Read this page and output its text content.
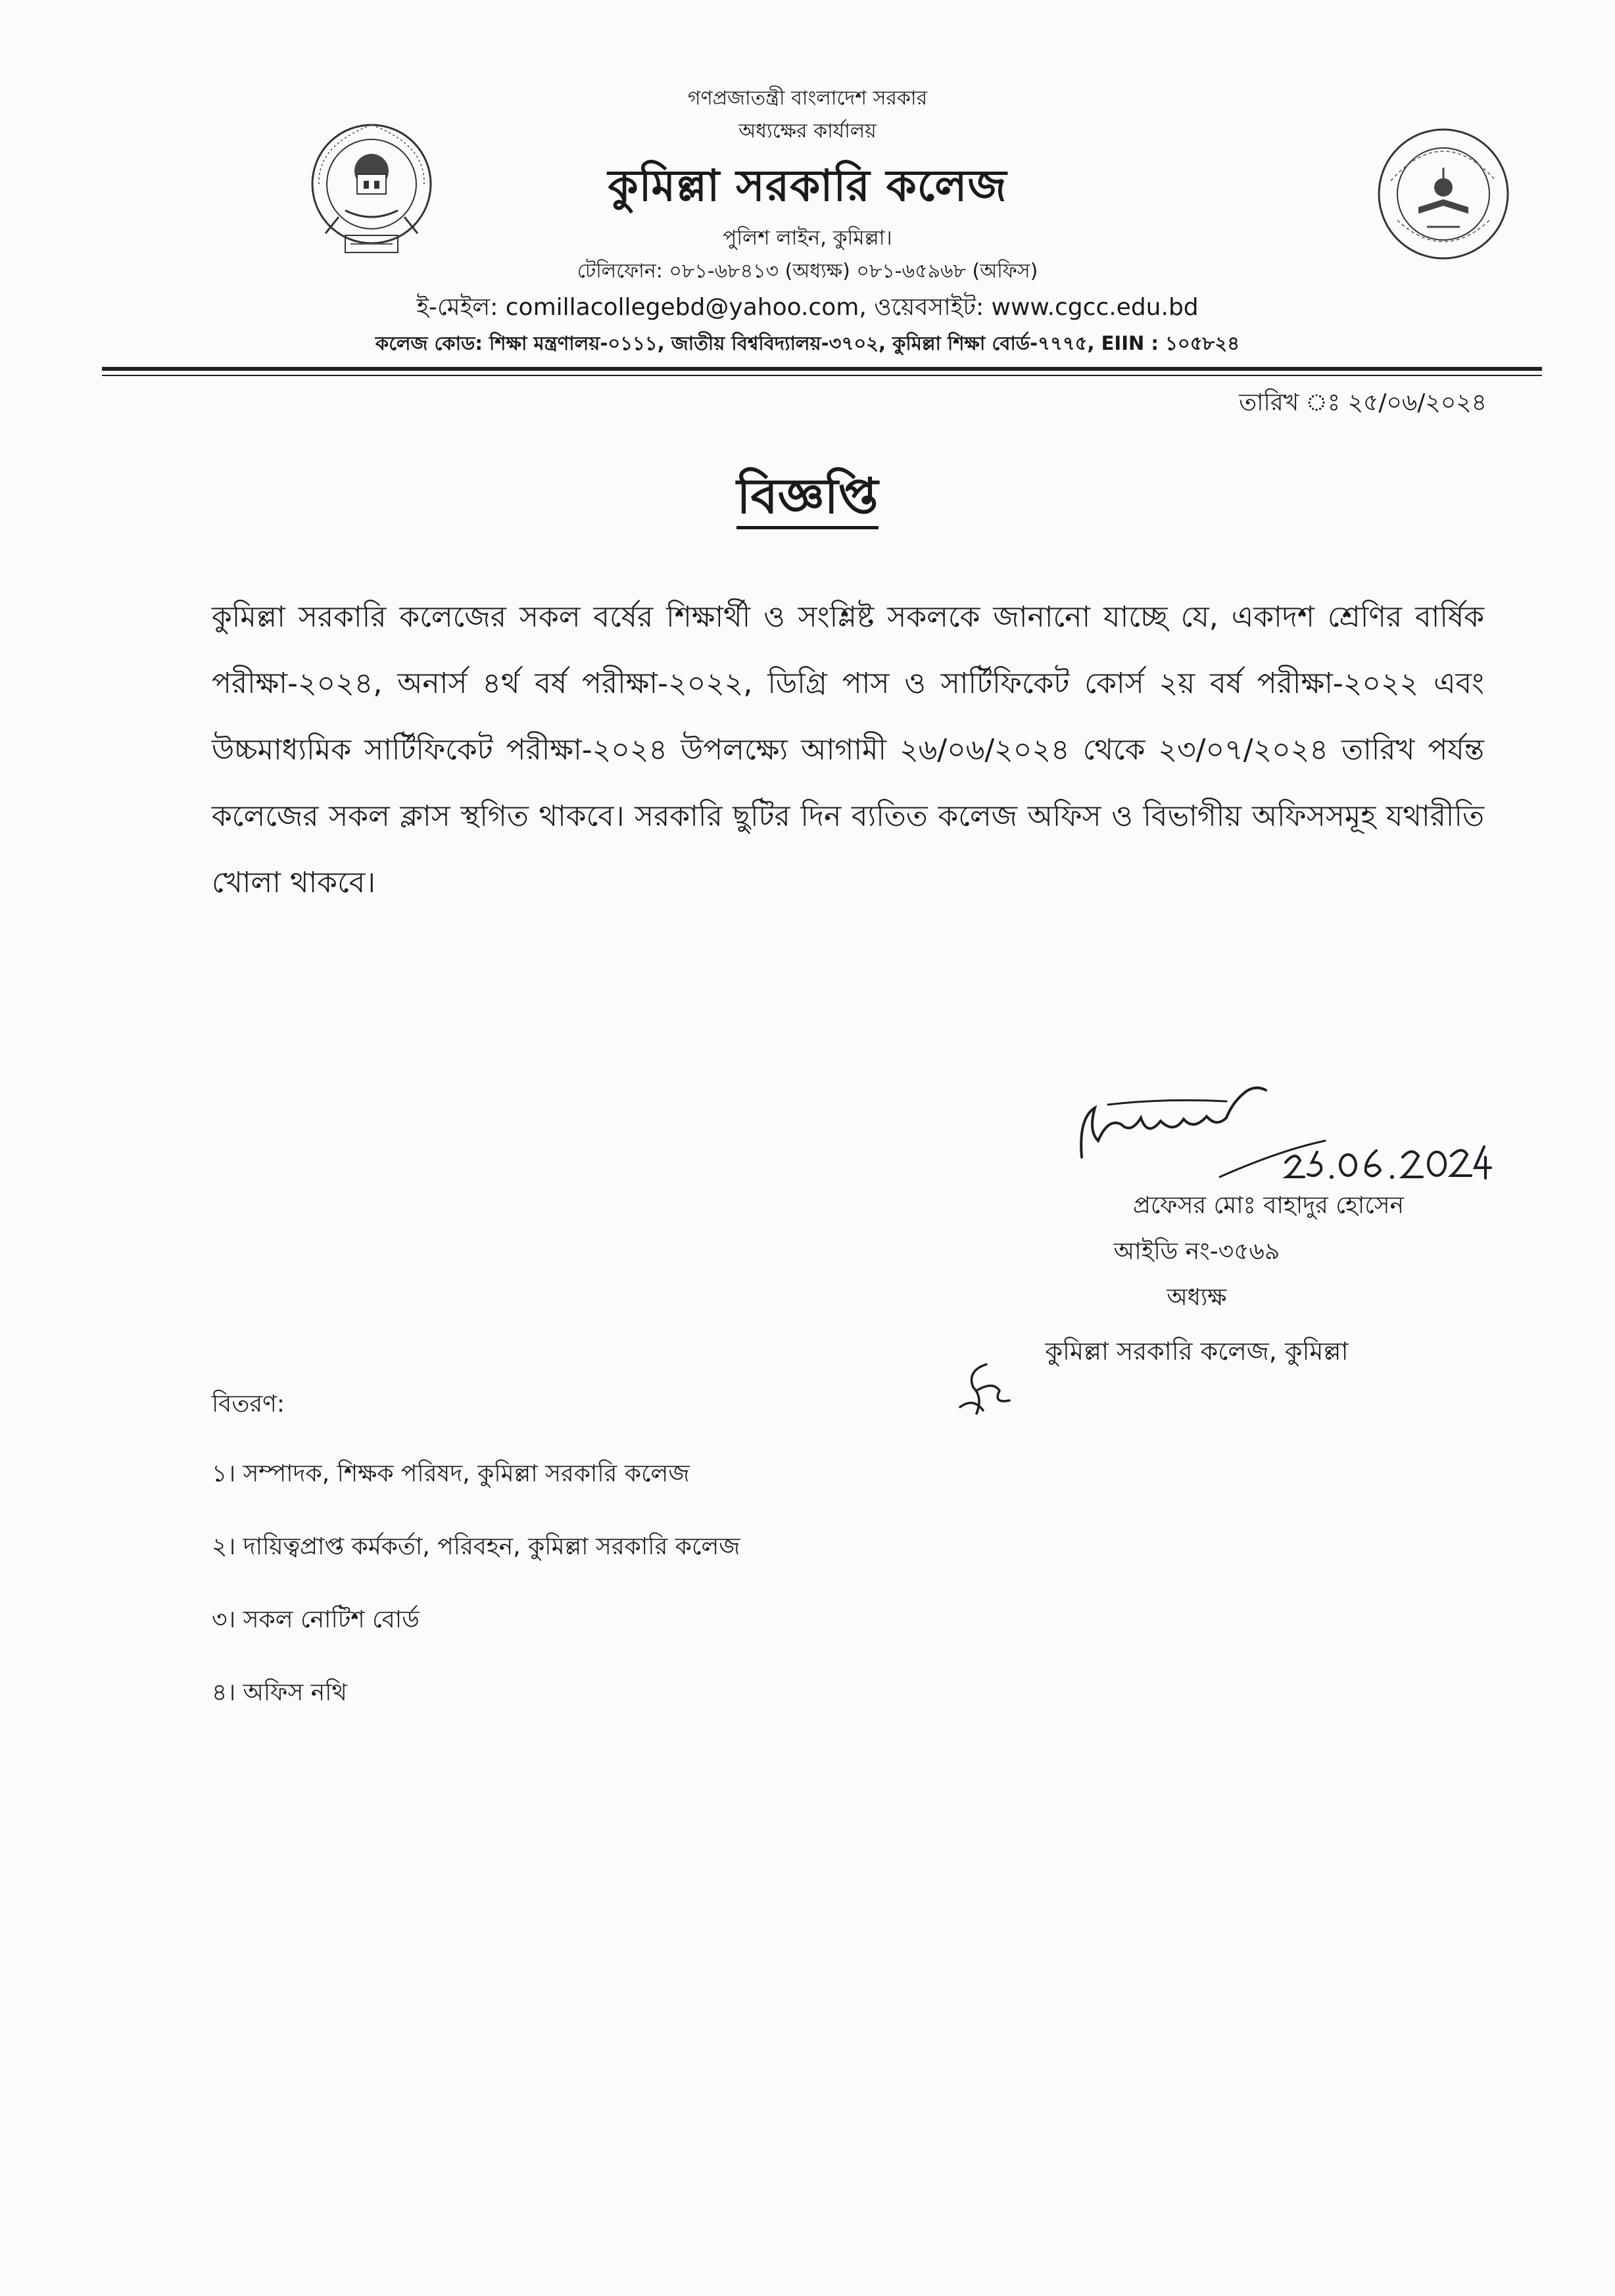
গণপ্রজাতন্ত্রী বাংলাদেশ সরকার
অধ্যক্ষের কার্যালয়
কুমিল্লা সরকারি কলেজ
পুলিশ লাইন, কুমিল্লা।
টেলিফোন: ০৮১-৬৮৪১৩ (অধ্যক্ষ) ০৮১-৬৫৯৬৮ (অফিস)
ই-মেইল: comillacollegebd@yahoo.com, ওয়েবসাইট: www.cgcc.edu.bd
কলেজ কোড: শিক্ষা মন্ত্রণালয়-০১১১, জাতীয় বিশ্ববিদ্যালয়-৩৭০২, কুমিল্লা শিক্ষা বোর্ড-৭৭৭৫, EIIN : ১০৫৮২৪
তারিখ ঃ ২৫/০৬/২০২৪
বিজ্ঞপ্তি
কুমিল্লা সরকারি কলেজের সকল বর্ষের শিক্ষার্থী ও সংশ্লিষ্ট সকলকে জানানো যাচ্ছে যে, একাদশ শ্রেণির বার্ষিক পরীক্ষা-২০২৪, অনার্স ৪র্থ বর্ষ পরীক্ষা-২০২২, ডিগ্রি পাস ও সার্টিফিকেট কোর্স ২য় বর্ষ পরীক্ষা-২০২২ এবং উচ্চমাধ্যমিক সার্টিফিকেট পরীক্ষা-২০২৪ উপলক্ষ্যে আগামী ২৬/০৬/২০২৪ থেকে ২৩/০৭/২০২৪ তারিখ পর্যন্ত কলেজের সকল ক্লাস স্থগিত থাকবে। সরকারি ছুটির দিন ব্যতিত কলেজ অফিস ও বিভাগীয় অফিসসমূহ যথারীতি খোলা থাকবে।
প্রফেসর মোঃ বাহাদুর হোসেন
আইডি নং-৩৫৬৯
অধ্যক্ষ
কুমিল্লা সরকারি কলেজ, কুমিল্লা
বিতরণ:
১। সম্পাদক, শিক্ষক পরিষদ, কুমিল্লা সরকারি কলেজ
২। দায়িত্বপ্রাপ্ত কর্মকর্তা, পরিবহন, কুমিল্লা সরকারি কলেজ
৩। সকল নোটিশ বোর্ড
৪। অফিস নথি
